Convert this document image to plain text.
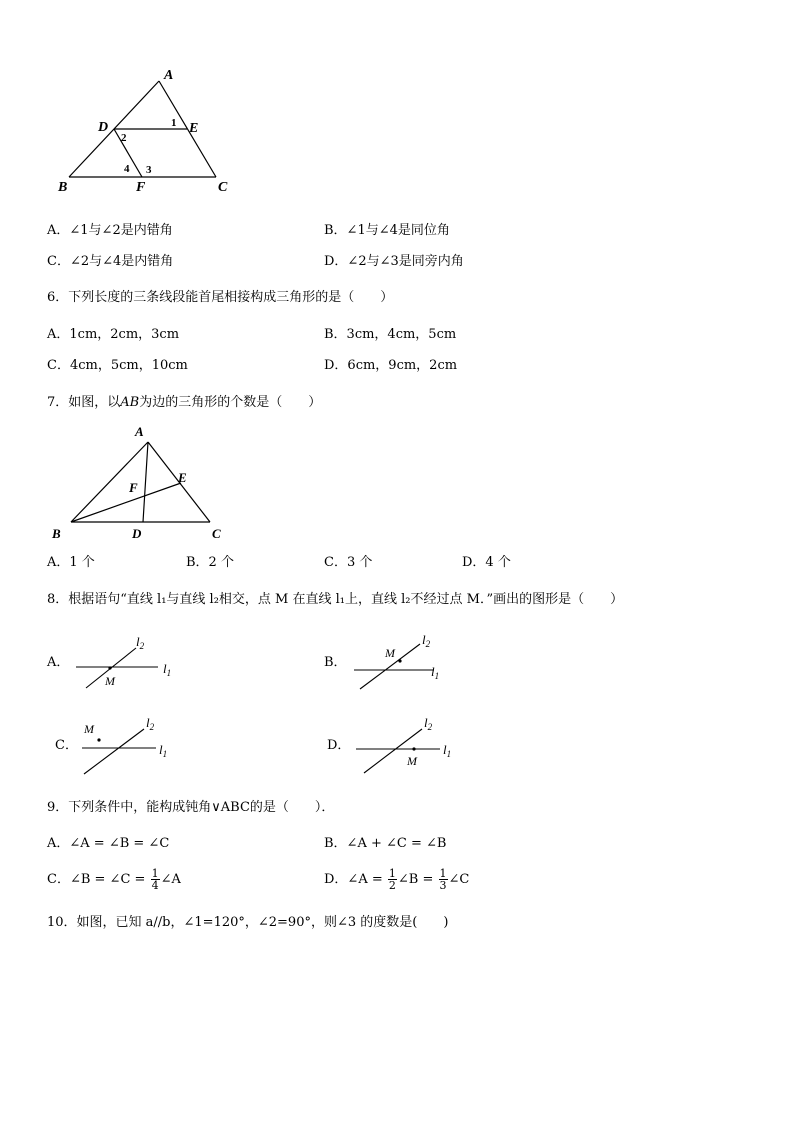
A
D	E
B	F	C
1
2
3
4
A．∠1与∠2是内错角	B．∠1与∠4是同位角
C．∠2与∠4是内错角	D．∠2与∠3是同旁内角
6．下列长度的三条线段能首尾相接构成三角形的是（　　）
A．1cm，2cm，3cm	B．3cm，4cm，5cm
C．4cm，5cm，10cm	D．6cm，9cm，2cm
7．如图，以AB为边的三角形的个数是（　　）
A
E
F
B	D	C
A．1 个	B．2 个	C．3 个	D．4 个
8．根据语句“直线 l₁与直线 l₂相交，点 M 在直线 l₁上，直线 l₂不经过点 M．”画出的图形是（　　）
A．
$l_2$
$l_1$
M
B．
$l_2$
$l_1$
M
C．
$l_2$
$l_1$
M
D．
$l_2$
$l_1$
M
9．下列条件中，能构成钝角∨ABC的是（　　）．
A．∠A = ∠B = ∠C	B．∠A + ∠C = ∠B
C．∠B = ∠C = $\frac{1}{4}$ ∠A	D．∠A = $\frac{1}{2}$ ∠B = $\frac{1}{3}$ ∠C
10．如图，已知 a//b，∠1=120°，∠2=90°，则∠3 的度数是(　　)
